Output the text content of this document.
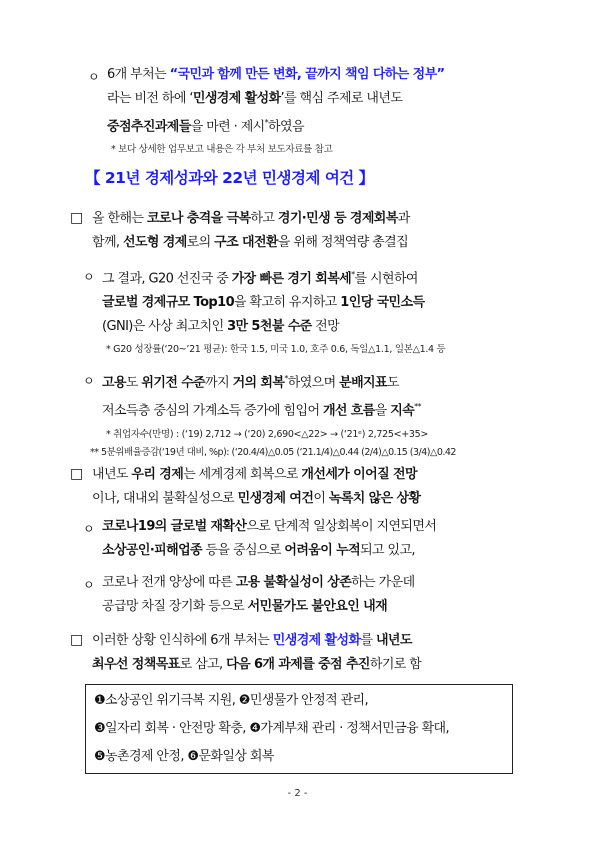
ㅇ 6개 부처는 “국민과 함께 만든 변화, 끝까지 책임 다하는 정부”
라는 비전 하에 ‘민생경제 활성화’를 핵심 주제로 내년도
중점추진과제들을 마련 · 제시*하였음
* 보다 상세한 업무보고 내용은 각 부처 보도자료를 참고
【 21년 경제성과와 22년 민생경제 여건 】
□ 올 한해는 코로나 충격을 극복하고 경기·민생 등 경제회복과
함께, 선도형 경제로의 구조 대전환을 위해 정책역량 총결집
ㅇ 그 결과, G20 선진국 중 가장 빠른 경기 회복세*를 시현하여
글로벌 경제규모 Top10을 확고히 유지하고 1인당 국민소득
(GNI)은 사상 최고치인 3만 5천불 수준 전망
* G20 성장률(‘20~’21 평균): 한국 1.5, 미국 1.0, 호주 0.6, 독일△1.1, 일본△1.4 등
ㅇ 고용도 위기전 수준까지 거의 회복*하였으며 분배지표도
저소득층 중심의 가계소득 증가에 힘입어 개선 흐름을 지속**
* 취업자수(만명) : (‘19) 2,712 → (‘20) 2,690<△22> → (‘21ᵉ) 2,725<+35>
** 5분위배율증감(‘19년 대비, %p): (‘20.4/4)△0.05 (‘21.1/4)△0.44 (2/4)△0.15 (3/4)△0.42
□ 내년도 우리 경제는 세계경제 회복으로 개선세가 이어질 전망
이나, 대내외 불확실성으로 민생경제 여건이 녹록치 않은 상황
ㅇ 코로나19의 글로벌 재확산으로 단계적 일상회복이 지연되면서
소상공인·피해업종 등을 중심으로 어려움이 누적되고 있고,
ㅇ 코로나 전개 양상에 따른 고용 불확실성이 상존하는 가운데
공급망 차질 장기화 등으로 서민물가도 불안요인 내재
□ 이러한 상황 인식하에 6개 부처는 민생경제 활성화를 내년도
최우선 정책목표로 삼고, 다음 6개 과제를 중점 추진하기로 함
❶소상공인 위기극복 지원, ❷민생물가 안정적 관리,
❸일자리 회복 · 안전망 확충, ❹가계부채 관리 · 정책서민금융 확대,
❺농촌경제 안정, ❻문화일상 회복
- 2 -
